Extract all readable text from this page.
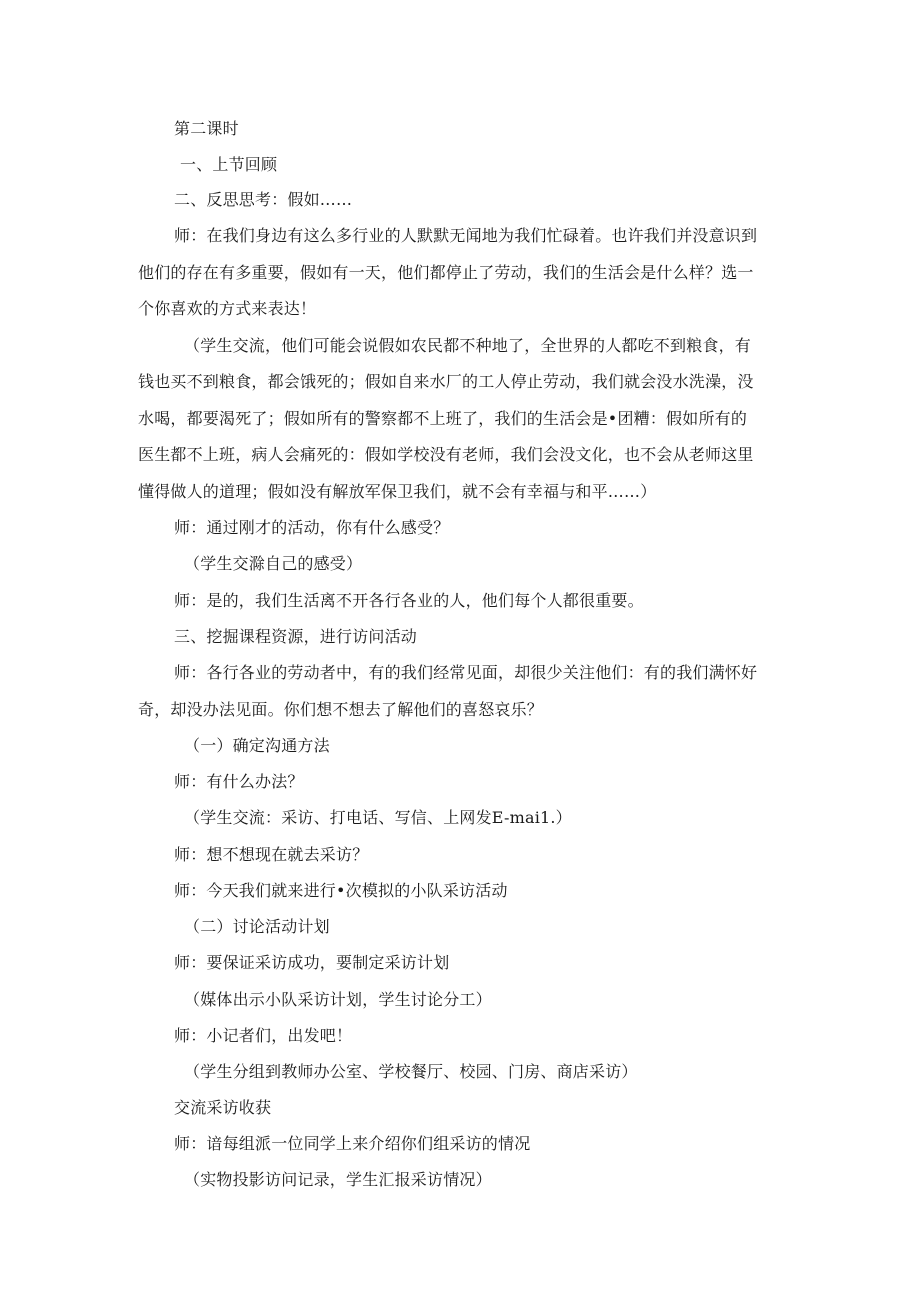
第二课时
一、上节回顾
二、反思思考：假如……
师：在我们身边有这么多行业的人默默无闻地为我们忙碌着。也许我们并没意识到
他们的存在有多重要，假如有一天，他们都停止了劳动，我们的生活会是什么样？选一
个你喜欢的方式来表达！
（学生交流，他们可能会说假如农民都不种地了，全世界的人都吃不到粮食，有
钱也买不到粮食，都会饿死的；假如自来水厂的工人停止劳动，我们就会没水洗澡，没
水喝，都要渴死了；假如所有的警察都不上班了，我们的生活会是•团糟：假如所有的
医生都不上班，病人会痛死的：假如学校没有老师，我们会没文化，也不会从老师这里
懂得做人的道理；假如没有解放军保卫我们，就不会有幸福与和平……）
师：通过刚才的活动，你有什么感受？
（学生交滁自己的感受）
师：是的，我们生活离不开各行各业的人，他们每个人都很重要。
三、挖掘课程资源，进行访问活动
师：各行各业的劳动者中，有的我们经常见面，却很少关注他们：有的我们满怀好
奇，却没办法见面。你们想不想去了解他们的喜怒哀乐？
（一）确定沟通方法
师：有什么办法？
（学生交流：采访、打电话、写信、上网发E-mai1.）
师：想不想现在就去采访？
师：今天我们就来进行•次模拟的小队采访活动
（二）讨论活动计划
师：要保证采访成功，要制定采访计划
（媒体出示小队采访计划，学生讨论分工）
师：小记者们，出发吧！
（学生分组到教师办公室、学校餐厅、校园、门房、商店采访）
交流采访收获
师：谙每组派一位同学上来介绍你们组采访的情况
（实物投影访问记录，学生汇报采访情况）
